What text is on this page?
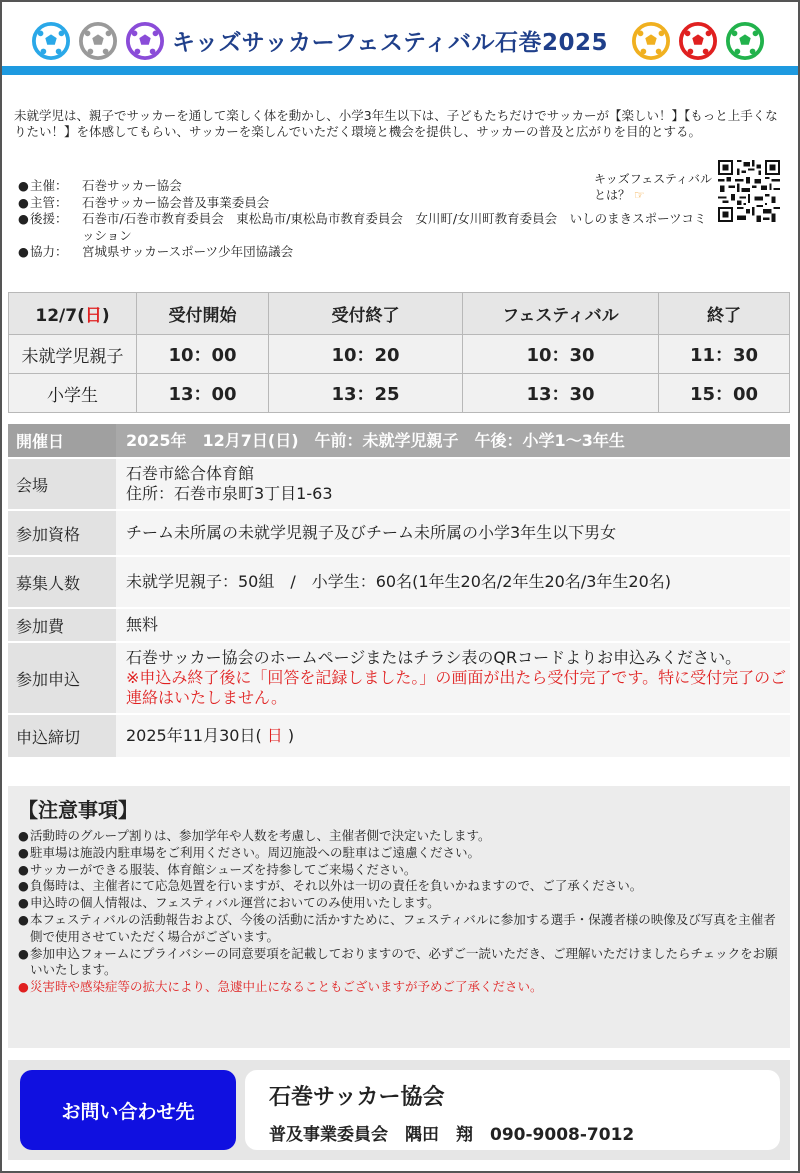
キッズサッカーフェスティバル石巻2025
未就学児は、親子でサッカーを通して楽しく体を動かし、小学3年生以下は、子どもたちだけでサッカーが【楽しい！】【もっと上手くなりたい！】を体感してもらい、サッカーを楽しんでいただく環境と機会を提供し、サッカーの普及と広がりを目的とする。
● 主催：	石巻サッカー協会
● 主管：	石巻サッカー協会普及事業委員会
● 後援：	石巻市/石巻市教育委員会　東松島市/東松島市教育委員会　女川町/女川町教育委員会　いしのまきスポーツコミッション
● 協力：	宮城県サッカースポーツ少年団協議会
キッズフェスティバル
とは？ ☞
12/7(日)	受付開始	受付終了	フェスティバル	終了
未就学児親子	10：00	10：20	10：30	11：30
小学生	13：00	13：25	13：30	15：00
開催日	2025年　12月7日(日)　午前：未就学児親子　午後：小学1～3年生
会場	石巻市総合体育館
住所：石巻市泉町3丁目1-63

参加資格	チーム未所属の未就学児親子及びチーム未所属の小学3年生以下男女
募集人数	未就学児親子：50組　/　小学生：60名(1年生20名/2年生20名/3年生20名)
参加費	無料
参加申込	石巻サッカー協会のホームページまたはチラシ表のQRコードよりお申込みください。
※申込み終了後に「回答を記録しました。」の画面が出たら受付完了です。特に受付完了のご連絡はいたしません。

申込締切	2025年11月30日( 日 )
【注意事項】
● 活動時のグループ割りは、参加学年や人数を考慮し、主催者側で決定いたします。
● 駐車場は施設内駐車場をご利用ください。周辺施設への駐車はご遠慮ください。
● サッカーができる服装、体育館シューズを持参してご来場ください。
● 負傷時は、主催者にて応急処置を行いますが、それ以外は一切の責任を負いかねますので、ご了承ください。
● 申込時の個人情報は、フェスティバル運営においてのみ使用いたします。
● 本フェスティバルの活動報告および、今後の活動に活かすために、フェスティバルに参加する選手・保護者様の映像及び写真を主催者側で使用させていただく場合がございます。
● 参加申込フォームにプライバシーの同意要項を記載しておりますので、必ずご一読いただき、ご理解いただけましたらチェックをお願いいたします。
● 災害時や感染症等の拡大により、急遽中止になることもございますが予めご了承ください。
お問い合わせ先
石巻サッカー協会
普及事業委員会　隅田　翔　090-9008-7012
